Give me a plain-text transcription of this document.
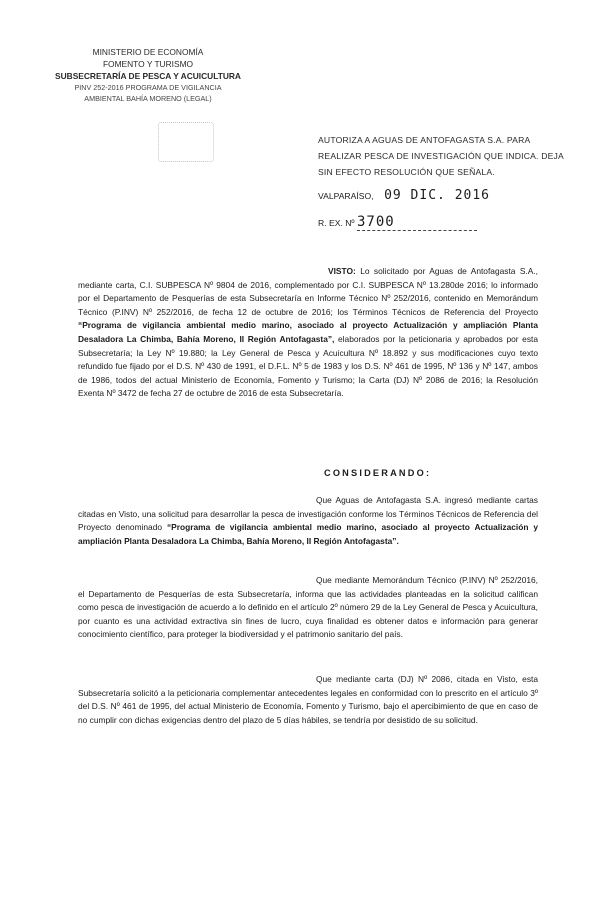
MINISTERIO DE ECONOMÍA
FOMENTO Y TURISMO
SUBSECRETARÍA DE PESCA Y ACUICULTURA
PINV 252-2016 PROGRAMA DE VIGILANCIA
AMBIENTAL BAHÍA MORENO (LEGAL)
AUTORIZA A AGUAS DE ANTOFAGASTA S.A. PARA REALIZAR PESCA DE INVESTIGACIÓN QUE INDICA. DEJA SIN EFECTO RESOLUCIÓN QUE SEÑALA.
VALPARAÍSO, 09 DIC. 2016
R. EX. Nº 3700
VISTO: Lo solicitado por Aguas de Antofagasta S.A., mediante carta, C.I. SUBPESCA Nº 9804 de 2016, complementado por C.I. SUBPESCA Nº 13.280de 2016; lo informado por el Departamento de Pesquerías de esta Subsecretaría en Informe Técnico Nº 252/2016, contenido en Memorándum Técnico (P.INV) Nº 252/2016, de fecha 12 de octubre de 2016; los Términos Técnicos de Referencia del Proyecto “Programa de vigilancia ambiental medio marino, asociado al proyecto Actualización y ampliación Planta Desaladora La Chimba, Bahía Moreno, II Región Antofagasta”, elaborados por la peticionaria y aprobados por esta Subsecretaría; la Ley Nº 19.880; la Ley General de Pesca y Acuicultura Nº 18.892 y sus modificaciones cuyo texto refundido fue fijado por el D.S. Nº 430 de 1991, el D.F.L. Nº 5 de 1983 y los D.S. Nº 461 de 1995, Nº 136 y Nº 147, ambos de 1986, todos del actual Ministerio de Economía, Fomento y Turismo; la Carta (DJ) Nº 2086 de 2016; la Resolución Exenta Nº 3472 de fecha 27 de octubre de 2016 de esta Subsecretaría.
CONSIDERANDO:
Que Aguas de Antofagasta S.A. ingresó mediante cartas citadas en Visto, una solicitud para desarrollar la pesca de investigación conforme los Términos Técnicos de Referencia del Proyecto denominado “Programa de vigilancia ambiental medio marino, asociado al proyecto Actualización y ampliación Planta Desaladora La Chimba, Bahía Moreno, II Región Antofagasta”.
Que mediante Memorándum Técnico (P.INV) Nº 252/2016, el Departamento de Pesquerías de esta Subsecretaría, informa que las actividades planteadas en la solicitud califican como pesca de investigación de acuerdo a lo definido en el artículo 2º número 29 de la Ley General de Pesca y Acuicultura, por cuanto es una actividad extractiva sin fines de lucro, cuya finalidad es obtener datos e información para generar conocimiento científico, para proteger la biodiversidad y el patrimonio sanitario del país.
Que mediante carta (DJ) Nº 2086, citada en Visto, esta Subsecretaría solicitó a la peticionaria complementar antecedentes legales en conformidad con lo prescrito en el artículo 3º del D.S. Nº 461 de 1995, del actual Ministerio de Economía, Fomento y Turismo, bajo el apercibimiento de que en caso de no cumplir con dichas exigencias dentro del plazo de 5 días hábiles, se tendría por desistido de su solicitud.
